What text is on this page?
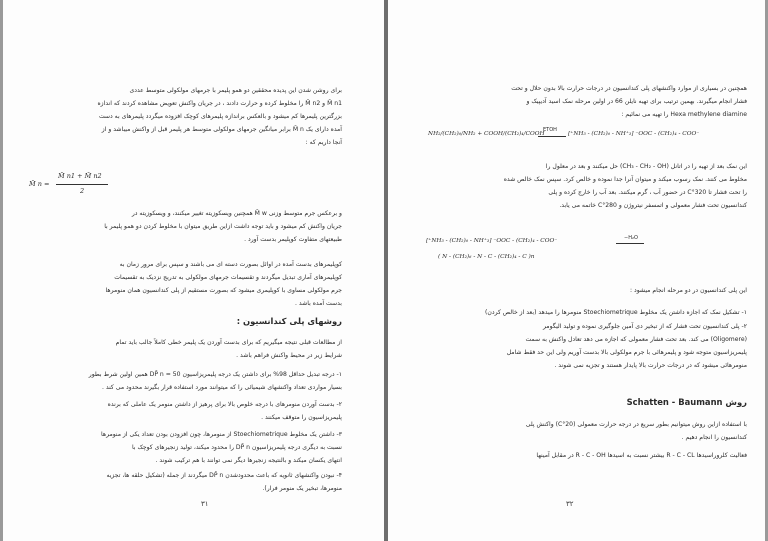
برای روشن شدن این پدیده محققین دو همو پلیمر با جرمهای مولکولی متوسط عددی
M̄ n1 و M̄ n2 را مخلوط کرده و حرارت دادند ، در جریان واکنش تعویض مشاهده کردند که اندازه
بزرگترین پلیمرها کم میشود و بالعکس براندازه پلیمرهای کوچک افزوده میگردد پلیمرهای به دست
آمده دارای یک M̄ n برابر میانگین جرمهای مولکولی متوسط هر پلیمر قبل از واکنش میباشد و از
آنجا داریم که :
M̄ n =
M̄ n1 + M̄ n2
2
و برعکس جرم متوسط وزنی M̄ w همچنین ویسکوزیته تغییر میکنند، و ویسکوزیته در
جریان واکنش کم میشود و باید توجه داشت ازاین طریق میتوان با مخلوط کردن دو همو پلیمر با
طبیعتهای متفاوت کوپلیمر بدست آورد .
کوپلیمرهای بدست آمده در اوائل بصورت دسته ای می باشند و سپس برای مرور زمان به
کوپلیمرهای آماری تبدیل میگردند و تقسیمات جرمهای مولکولی به تدریج نزدیک به تقسیمات
جرم مولکولی مساوی با کوپلیمری میشود که بصورت مستقیم از پلی کندانسیون همان منومرها
بدست آمده باشد .
روشهای پلی کندانسیون :
از مطالعات قبلی نتیجه میگیریم که برای بدست آوردن یک پلیمر خطی کاملاً جالب باید تمام
شرایط زیر در محیط واکنش فراهم باشد .
۱- درجه تبدیل حداقل 98% برای داشتن یک درجه پلیمریزاسیون 50 = DP̄ n همین اولین شرط بطور
بسیار مواردی تعداد واکنشهای شیمیائی را که میتوانند مورد استفاده قرار بگیرند محدود می کند .
۲- بدست آوردن منومرهای با درجه خلوص بالا برای پرهیز از داشتن منومر یک عاملی که برنده
پلیمریزاسیون را متوقف میکنند .
۳- داشتن یک مخلوط Stoechiometrique از منومرها، چون افزودن بودن تعداد یکی از منومرها
نسبت به دیگری درجه پلیمریزاسیون DP̄ n را محدود میکند، تولید زنجیرهای کوچک با
انتهای یکسان میکند و بالنتیجه زنجیرها دیگر نمی توانند با هم ترکیب شوند .
۴- نبودن واکنشهای ثانویه که باعث محدودشدن DP̄ n میگردند از جمله (تشکیل حلقه ها، تجزیه
منومرها، تبخیر یک منومر فرار).
۳۱
همچنین در بسیاری از موارد واکنشهای پلی کندانسیون در درجات حرارت بالا بدون حلال و تحت
فشار انجام میگیرند. بهمین ترتیب برای تهیه نایلن 66 در اولین مرحله نمک اسید آدیپیک و
Hexa methylene diamine را تهیه می نمائیم :
NH₂/(CH₂)₆/NH₂ + COOH/(CH₂)₄/COOH
ETOH
[⁺NH₃ - (CH₂)₆ - NH⁺₃] ⁻OOC - (CH₂)₄ - COO⁻
این نمک بعد از تهیه را در اتانل (CH₃ - CH₂ - OH) حل میکنند و بعد در معلول را
مخلوط می کنند. نمک رسوب میکند و میتوان آنرا جدا نموده و خالص کرد. سپس نمک خالص شده
را تحت فشار تا 320°C در حضور آب ، گرم میکنند. بعد آب را خارج کرده و پلی
کندانسیون تحت فشار معمولی و اتمسفر نیتروژن و 280°C خاتمه می یابد.
[⁺NH₃ - (CH₂)₆ - NH⁺₃] ⁻OOC - (CH₂)₄ - COO⁻	−H₂O
( N - (CH₂)₆ - N - C - (CH₂)₄ - C )n
این پلی کندانسیون در دو مرحله انجام میشود :
۱- تشکیل نمک که اجازه داشتن یک مخلوط Stoechiometrique منومرها را میدهد (بعد از خالص کردن)
۲- پلی کندانسیون تحت فشار که از تبخیر دی آمین جلوگیری نموده و تولید الیگومر
(Oligomere) می کند. بعد تحت فشار معمولی که اجازه می دهد تعادل واکنش به سمت
پلیمریزاسیون متوجه شود و پلیمرهائی با جرم مولکولی بالا بدست آوریم ولی این حد فقط شامل
منومرهائی میشود که در درجات حرارت بالا پایدار هستند و تجزیه نمی شوند .
روش Schatten - Baumann
با استفاده ازاین روش میتوانیم بطور سریع در درجه حرارت معمولی (20°C) واکنش پلی
کندانسیون را انجام دهیم .
فعالیت کلروراسیدها R - C - CL بیشتر نسبت به اسیدها R - C - OH در مقابل آمینها
۳۲
